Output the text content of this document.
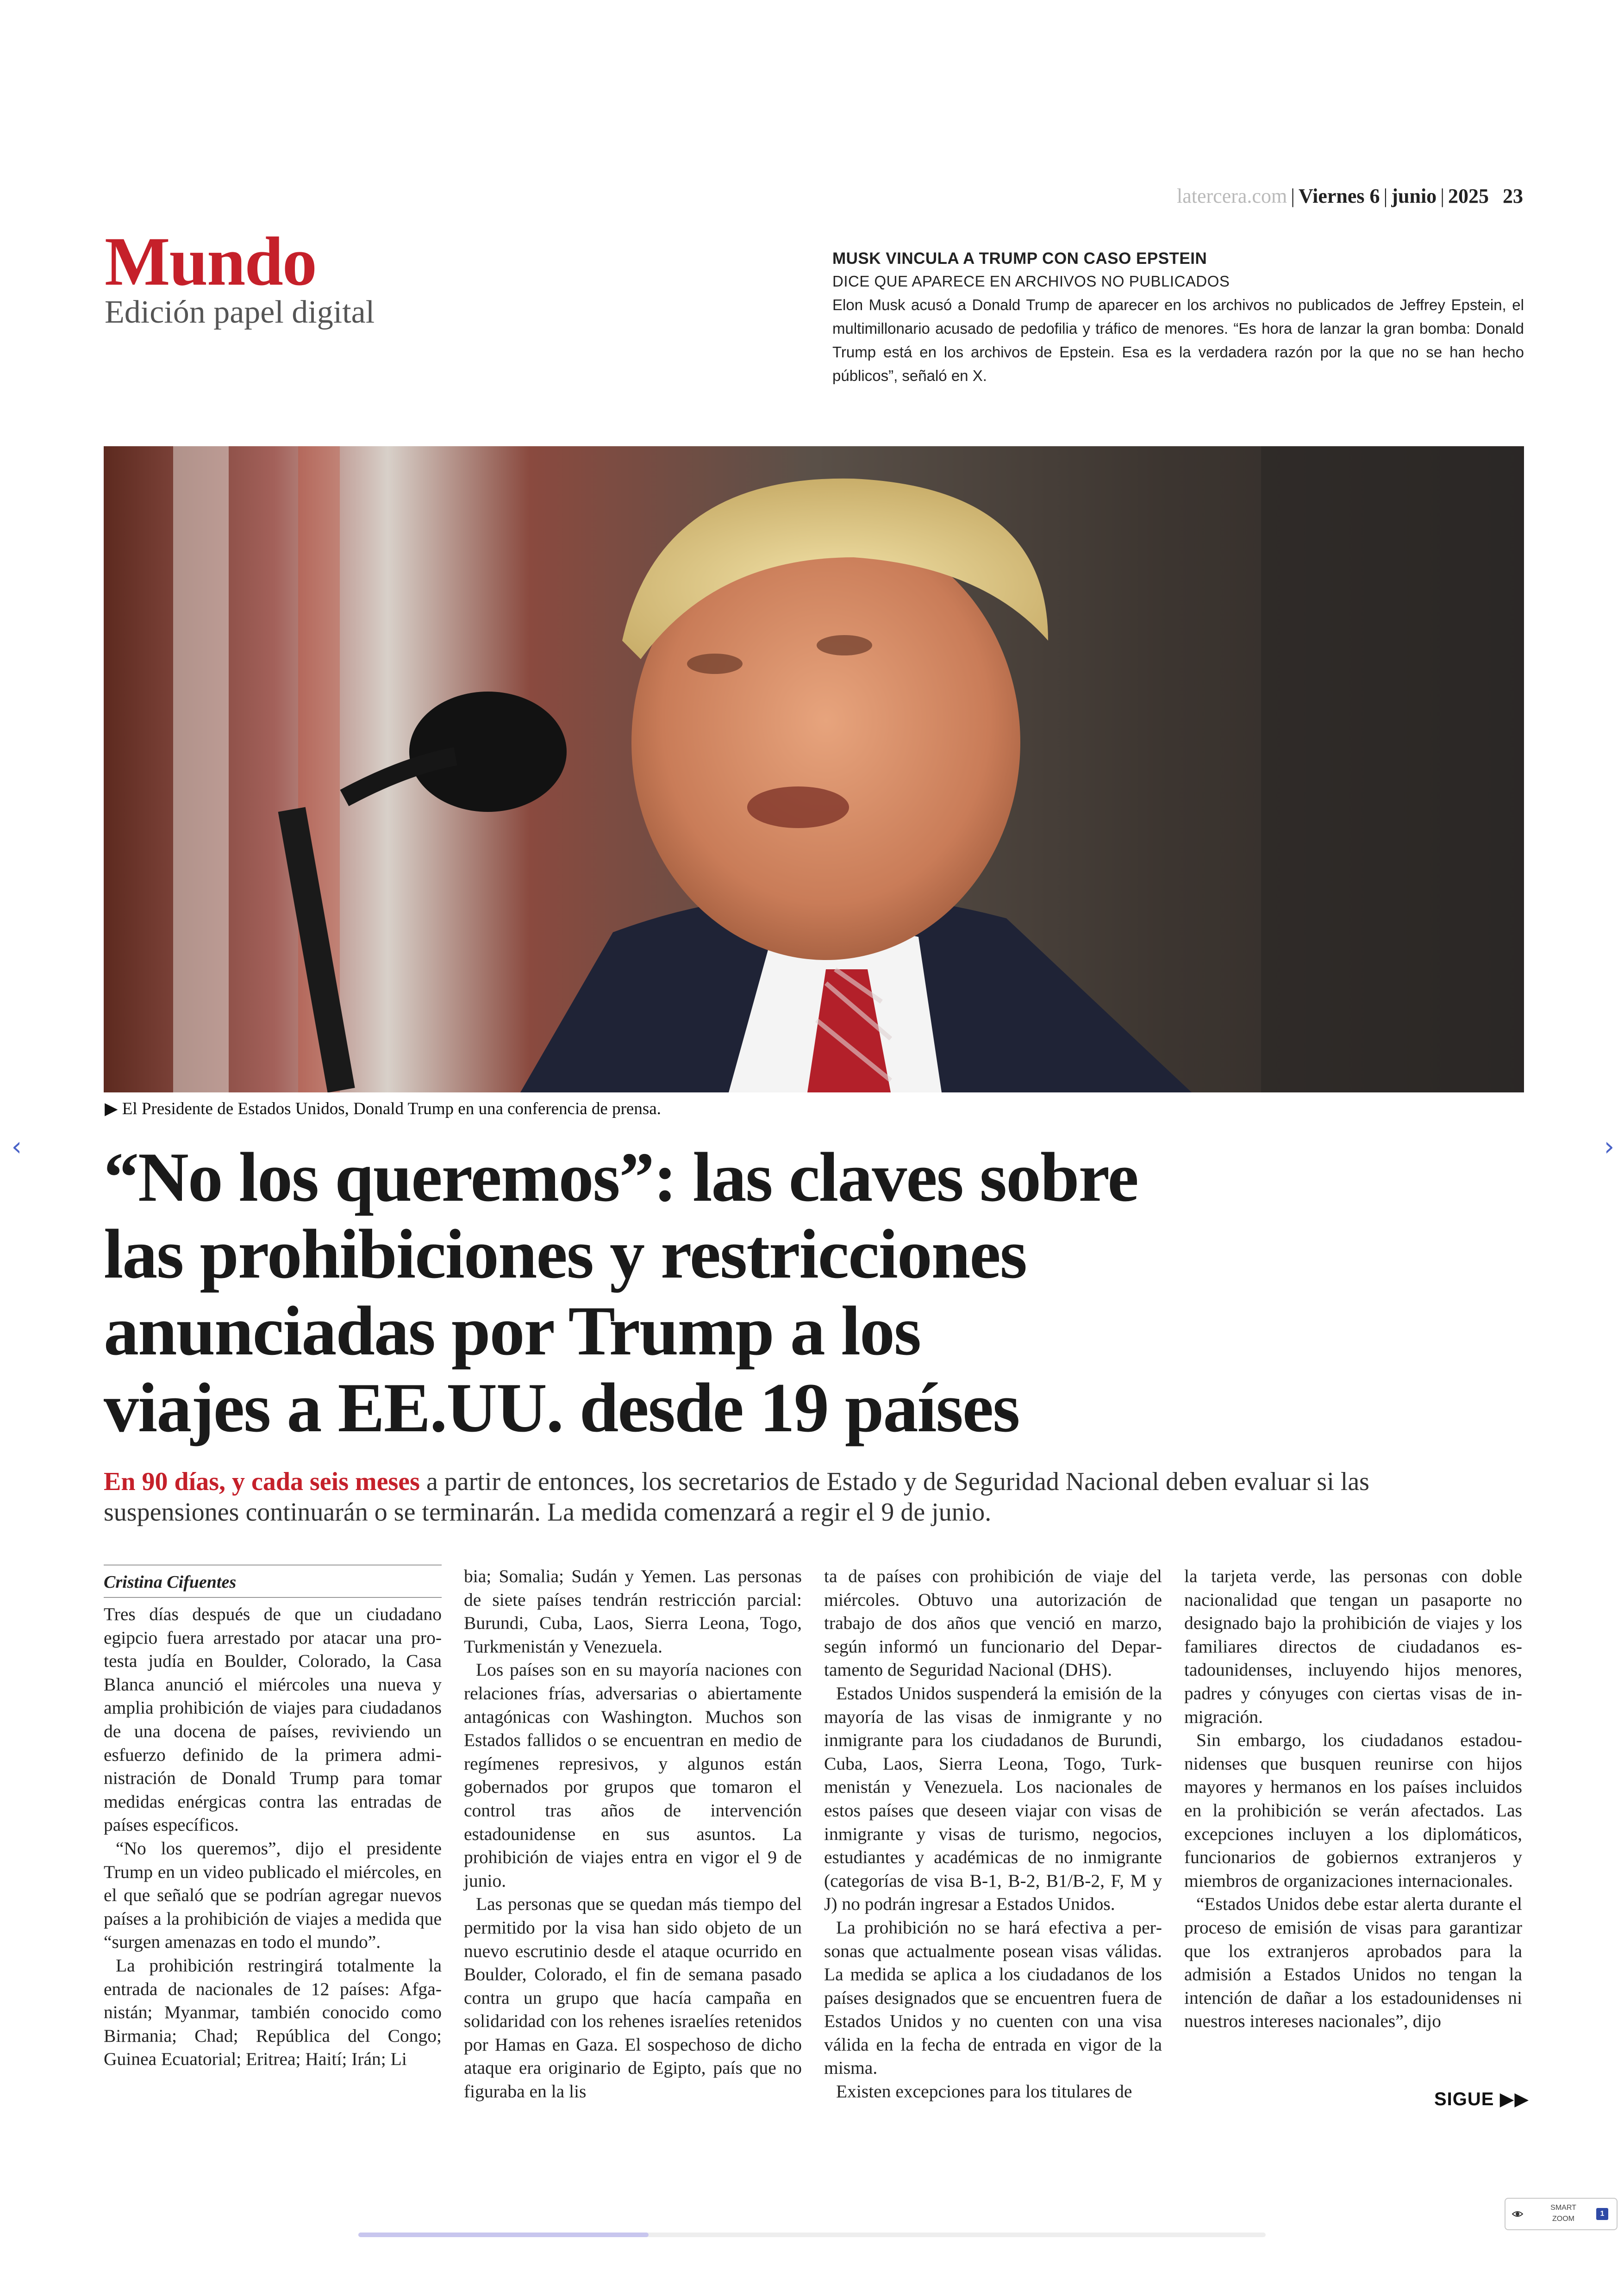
latercera.com | Viernes 6 | junio | 2025 23
Mundo
Edición papel digital
MUSK VINCULA A TRUMP CON CASO EPSTEIN
DICE QUE APARECE EN ARCHIVOS NO PUBLICADOS
Elon Musk acusó a Donald Trump de aparecer en los archivos no publicados de Jeffrey Epstein, el multimillonario acusado de pedofilia y tráfico de menores. “Es hora de lanzar la gran bomba: Donald Trump está en los archivos de Epstein. Esa es la verdadera razón por la que no se han hecho públicos”, señaló en X.
▶ El Presidente de Estados Unidos, Donald Trump en una conferencia de prensa.
‹	›
“No los queremos”: las claves sobre
las prohibiciones y restricciones
anunciadas por Trump a los
viajes a EE.UU. desde 19 países
En 90 días, y cada seis meses a partir de entonces, los secretarios de Estado y de Seguridad Nacional deben evaluar si las suspensiones continuarán o se terminarán. La medida comenzará a regir el 9 de junio.
Cristina Cifuentes

Tres días después de que un ciudadano egipcio fuera arrestado por atacar una protesta judía en Boulder, Colorado, la Casa Blanca anunció el miércoles una nueva y amplia prohibición de viajes para ciudadanos de una docena de países, reviviendo un esfuerzo definido de la primera administración de Donald Trump para tomar medidas enérgicas contra las entradas de países específicos.

“No los queremos”, dijo el presidente Trump en un video publicado el miércoles, en el que señaló que se podrían agregar nuevos países a la prohibición de viajes a medida que “surgen amenazas en todo el mundo”.

La prohibición restringirá totalmente la entrada de nacionales de 12 países: Afganistán; Myanmar, también conocido como Birmania; Chad; República del Congo; Guinea Ecuatorial; Eritrea; Haití; Irán; Li

bia; Somalia; Sudán y Yemen. Las personas de siete países tendrán restricción parcial: Burundi, Cuba, Laos, Sierra Leona, Togo, Turkmenistán y Venezuela.

Los países son en su mayoría naciones con relaciones frías, adversarias o abiertamente antagónicas con Washington. Muchos son Estados fallidos o se encuentran en medio de regímenes represivos, y algunos están gobernados por grupos que tomaron el control tras años de intervención estadounidense en sus asuntos. La prohibición de viajes entra en vigor el 9 de junio.

Las personas que se quedan más tiempo del permitido por la visa han sido objeto de un nuevo escrutinio desde el ataque ocurrido en Boulder, Colorado, el fin de semana pasado contra un grupo que hacía campaña en solidaridad con los rehenes israelíes retenidos por Hamas en Gaza. El sospechoso de dicho ataque era originario de Egipto, país que no figuraba en la lis

ta de países con prohibición de viaje del miércoles. Obtuvo una autorización de trabajo de dos años que venció en marzo, según informó un funcionario del Departamento de Seguridad Nacional (DHS).

Estados Unidos suspenderá la emisión de la mayoría de las visas de inmigrante y no inmigrante para los ciudadanos de Burundi, Cuba, Laos, Sierra Leona, Togo, Turkmenistán y Venezuela. Los nacionales de estos países que deseen viajar con visas de inmigrante y visas de turismo, negocios, estudiantes y académicas de no inmigrante (categorías de visa B-1, B-2, B1/B-2, F, M y J) no podrán ingresar a Estados Unidos.

La prohibición no se hará efectiva a personas que actualmente posean visas válidas. La medida se aplica a los ciudadanos de los países designados que se encuentren fuera de Estados Unidos y no cuenten con una visa válida en la fecha de entrada en vigor de la misma.

Existen excepciones para los titulares de

la tarjeta verde, las personas con doble nacionalidad que tengan un pasaporte no designado bajo la prohibición de viajes y los familiares directos de ciudadanos estadounidenses, incluyendo hijos menores, padres y cónyuges con ciertas visas de inmigración.

Sin embargo, los ciudadanos estadounidenses que busquen reunirse con hijos mayores y hermanos en los países incluidos en la prohibición se verán afectados. Las excepciones incluyen a los diplomáticos, funcionarios de gobiernos extranjeros y miembros de organizaciones internacionales.

“Estados Unidos debe estar alerta durante el proceso de emisión de visas para garantizar que los extranjeros aprobados para la admisión a Estados Unidos no tengan la intención de dañar a los estadounidenses ni nuestros intereses nacionales”, dijo

SIGUE ▶▶
SMART
ZOOM
1
